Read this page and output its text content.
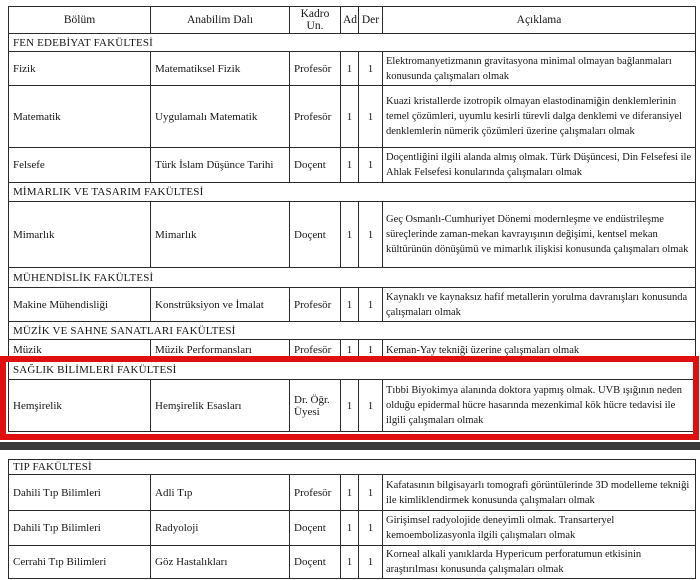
Bölüm	Anabilim Dalı	Kadro Un.	Ad	Der	Açıklama
FEN EDEBİYAT FAKÜLTESİ					
Fizik	Matematiksel Fizik	Profesör	1	1	Elektromanyetizmanın gravitasyona minimal olmayan bağlanmaları konusunda çalışmaları olmak

Matematik	Uygulamalı Matematik	Profesör	1	1	Kuazi kristallerde izotropik olmayan elastodinamiğin denklemlerinin temel çözümleri, uyumlu kesirli türevli dalga denklemi ve diferansiyel denklemlerin nümerik çözümleri üzerine çalışmaları olmak

Felsefe	Türk İslam Düşünce Tarihi	Doçent	1	1	Doçentliğini ilgili alanda almış olmak. Türk Düşüncesi, Din Felsefesi ile Ahlak Felsefesi konularında çalışmaları olmak

MİMARLIK VE TASARIM FAKÜLTESİ					
Mimarlık	Mimarlık	Doçent	1	1	Geç Osmanlı-Cumhuriyet Dönemi modernleşme ve endüstrileşme süreçlerinde zaman-mekan kavrayışının değişimi, kentsel mekan kültürünün dönüşümü ve mimarlık ilişkisi konusunda çalışmaları olmak

MÜHENDİSLİK FAKÜLTESİ					
Makine Mühendisliği	Konstrüksiyon ve İmalat	Profesör	1	1	Kaynaklı ve kaynaksız hafif metallerin yorulma davranışları konusunda çalışmaları olmak

MÜZİK VE SAHNE SANATLARI FAKÜLTESİ					
Müzik	Müzik Performansları	Profesör	1	1	Keman-Yay tekniği üzerine çalışmaları olmak

SAĞLIK BİLİMLERİ FAKÜLTESİ					
Hemşirelik	Hemşirelik Esasları	Dr. Öğr. Üyesi	1	1	Tıbbi Biyokimya alanında doktora yapmış olmak. UVB ışığının neden olduğu epidermal hücre hasarında mezenkimal kök hücre tedavisi ile ilgili çalışmaları olmak
TIP FAKÜLTESİ					
Dahili Tıp Bilimleri	Adli Tıp	Profesör	1	1	Kafatasının bilgisayarlı tomografi görüntülerinde 3D modelleme tekniği ile kimliklendirmek konusunda çalışmaları olmak

Dahili Tıp Bilimleri	Radyoloji	Doçent	1	1	Girişimsel radyolojide deneyimli olmak. Transarteryel kemoembolizasyonla ilgili çalışmaları olmak

Cerrahi Tıp Bilimleri	Göz Hastalıkları	Doçent	1	1	Korneal alkali yanıklarda Hypericum perforatumun etkisinin araştırılması konusunda çalışmaları olmak
